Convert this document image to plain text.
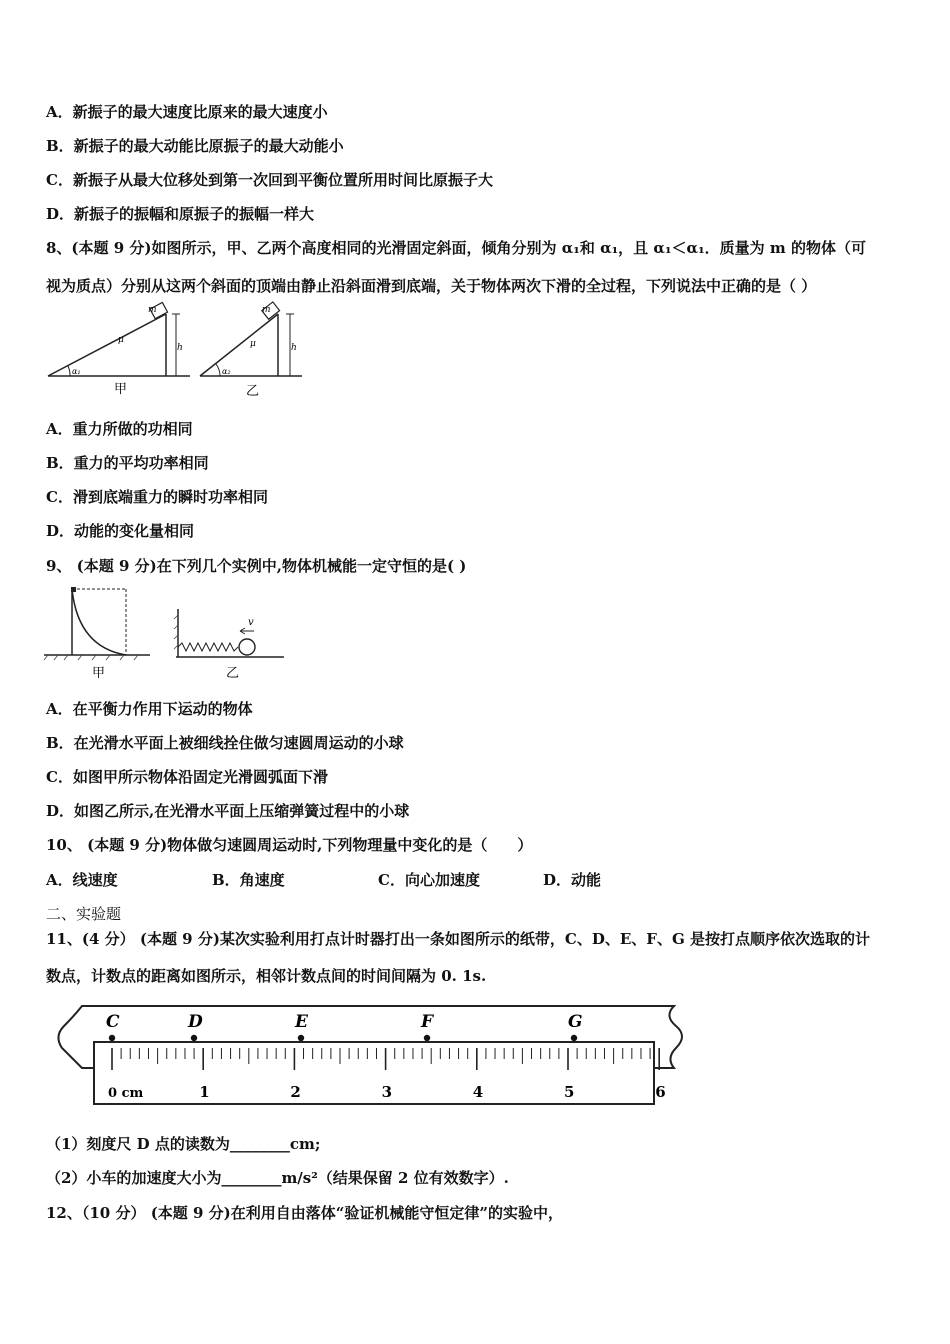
A．新振子的最大速度比原来的最大速度小
B．新振子的最大动能比原振子的最大动能小
C．新振子从最大位移处到第一次回到平衡位置所用时间比原振子大
D．新振子的振幅和原振子的振幅一样大
8、(本题 9 分)如图所示，甲、乙两个高度相同的光滑固定斜面，倾角分别为 α₁和 α₁，且 α₁＜α₁．质量为 m 的物体（可
视为质点）分别从这两个斜面的顶端由静止沿斜面滑到底端，关于物体两次下滑的全过程，下列说法中正确的是（ ）
m
μ
h
α₁
甲
m
μ	h
α₂
乙
A．重力所做的功相同
B．重力的平均功率相同
C．滑到底端重力的瞬时功率相同
D．动能的变化量相同
9、 (本题 9 分)在下列几个实例中,物体机械能一定守恒的是( )
甲
v
乙
A．在平衡力作用下运动的物体
B．在光滑水平面上被细线拴住做匀速圆周运动的小球
C．如图甲所示物体沿固定光滑圆弧面下滑
D．如图乙所示,在光滑水平面上压缩弹簧过程中的小球
10、 (本题 9 分)物体做匀速圆周运动时,下列物理量中变化的是（　　）
A．线速度	B．角速度	C．向心加速度	D．动能
二、实验题
11、(4 分） (本题 9 分)某次实验利用打点计时器打出一条如图所示的纸带，C、D、E、F、G 是按打点顺序依次选取的计
数点，计数点的距离如图所示，相邻计数点间的时间间隔为 0. 1s.
C	D	E	F	G
0 cm	1	2	3	4	5	6
（1）刻度尺 D 点的读数为________cm;
（2）小车的加速度大小为________m/s²（结果保留 2 位有效数字）.
12、（10 分） (本题 9 分)在利用自由落体“验证机械能守恒定律”的实验中，
